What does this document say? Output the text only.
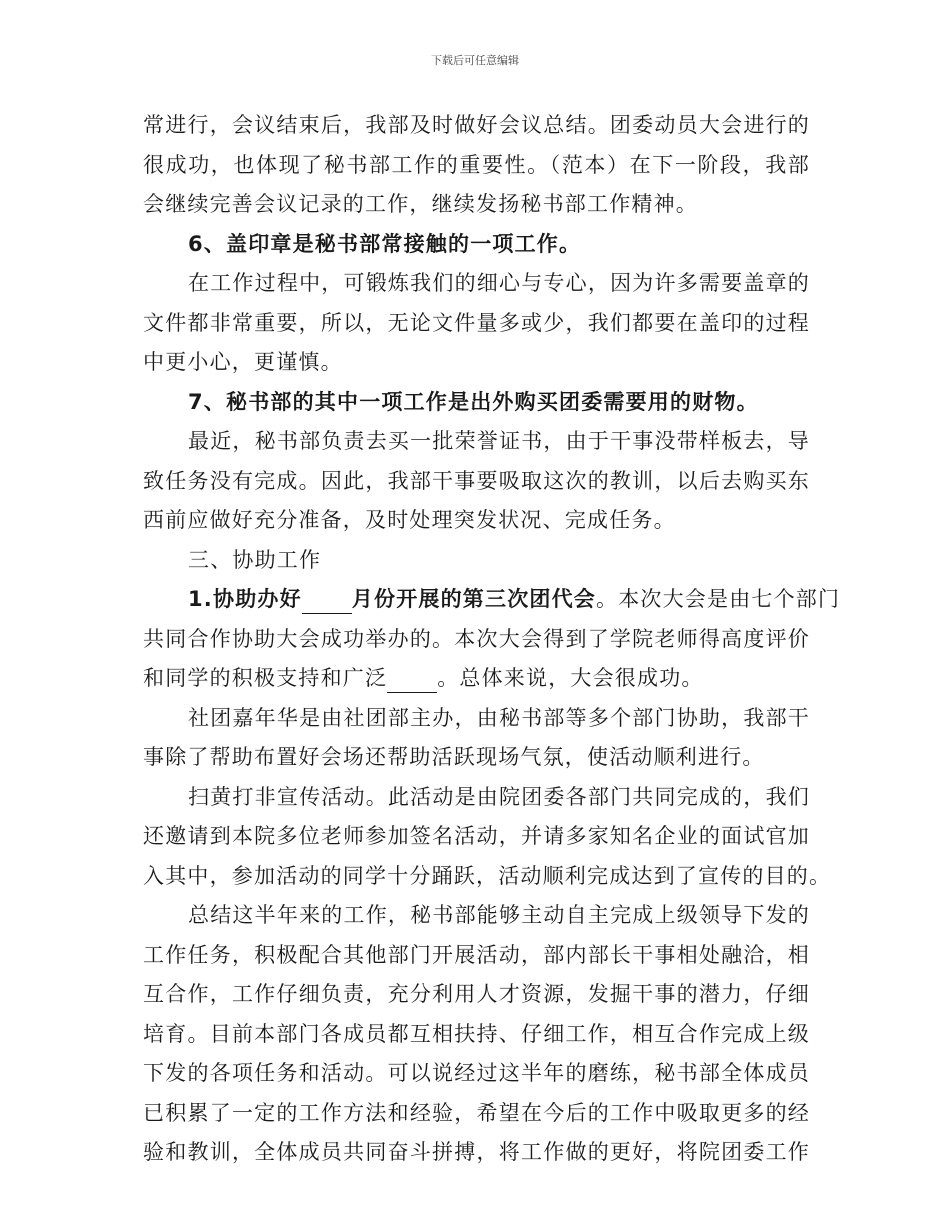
下载后可任意编辑
常进行，会议结束后，我部及时做好会议总结。团委动员大会进行的
很成功，也体现了秘书部工作的重要性。（范本）在下一阶段，我部
会继续完善会议记录的工作，继续发扬秘书部工作精神。
6、盖印章是秘书部常接触的一项工作。
在工作过程中，可锻炼我们的细心与专心，因为许多需要盖章的
文件都非常重要，所以，无论文件量多或少，我们都要在盖印的过程
中更小心，更谨慎。
7、秘书部的其中一项工作是出外购买团委需要用的财物。
最近，秘书部负责去买一批荣誉证书，由于干事没带样板去，导
致任务没有完成。因此，我部干事要吸取这次的教训，以后去购买东
西前应做好充分准备，及时处理突发状况、完成任务。
三、协助工作
1.协助办好 月份开展的第三次团代会。本次大会是由七个部门
共同合作协助大会成功举办的。本次大会得到了学院老师得高度评价
和同学的积极支持和广泛 。总体来说，大会很成功。
社团嘉年华是由社团部主办，由秘书部等多个部门协助，我部干
事除了帮助布置好会场还帮助活跃现场气氛，使活动顺利进行。
扫黄打非宣传活动。此活动是由院团委各部门共同完成的，我们
还邀请到本院多位老师参加签名活动，并请多家知名企业的面试官加
入其中，参加活动的同学十分踊跃，活动顺利完成达到了宣传的目的。
总结这半年来的工作，秘书部能够主动自主完成上级领导下发的
工作任务，积极配合其他部门开展活动，部内部长干事相处融洽，相
互合作，工作仔细负责，充分利用人才资源，发掘干事的潜力，仔细
培育。目前本部门各成员都互相扶持、仔细工作，相互合作完成上级
下发的各项任务和活动。可以说经过这半年的磨练，秘书部全体成员
已积累了一定的工作方法和经验，希望在今后的工作中吸取更多的经
验和教训，全体成员共同奋斗拼搏，将工作做的更好，将院团委工作
